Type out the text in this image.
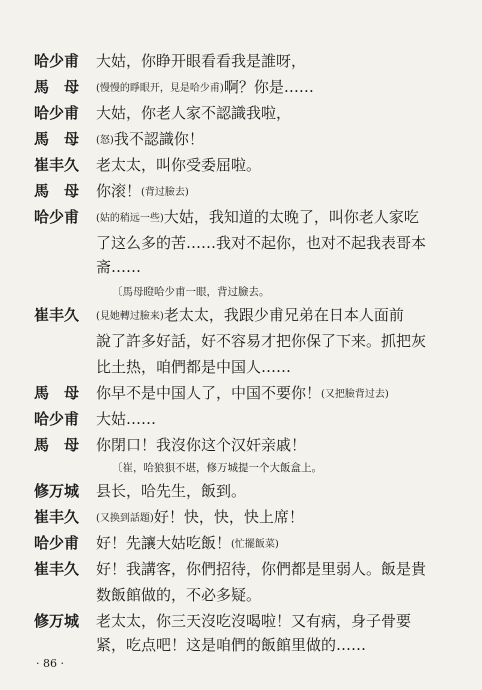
哈少甫	大姑，你睁开眼看看我是誰呀，
馬　母	(慢慢的睜眼开，見是哈少甫)啊？你是……
哈少甫	大姑，你老人家不認識我啦，
馬　母	(怒)我不認識你！
崔丰久	老太太，叫你受委屈啦。
馬　母	你滚！(背过臉去)
哈少甫	(姑的稍远一些)大姑，我知道的太晚了，叫你老人家吃
了这么多的苦……我对不起你，也对不起我表哥本
斋……
〔馬母瞪哈少甫一眼，背过臉去。
崔丰久	(見她轉过臉来)老太太，我跟少甫兄弟在日本人面前
說了許多好話，好不容易才把你保了下来。抓把灰
比土热，咱們都是中国人……
馬　母	你早不是中国人了，中国不要你！(又把臉背过去)
哈少甫	大姑……
馬　母	你閉口！我沒你这个汉奸亲戚！
〔崔，哈狼狽不堪，修万城提一个大飯盒上。
修万城	县长，哈先生，飯到。
崔丰久	(又换到話題)好！快，快，快上席！
哈少甫	好！先讓大姑吃飯！(忙擺飯菜)
崔丰久	好！我講客，你們招待，你們都是里弱人。飯是貴
数飯館做的，不必多疑。
修万城	老太太，你三天沒吃沒喝啦！又有病，身子骨要
紧，吃点吧！这是咱們的飯館里做的……
· 86 ·
